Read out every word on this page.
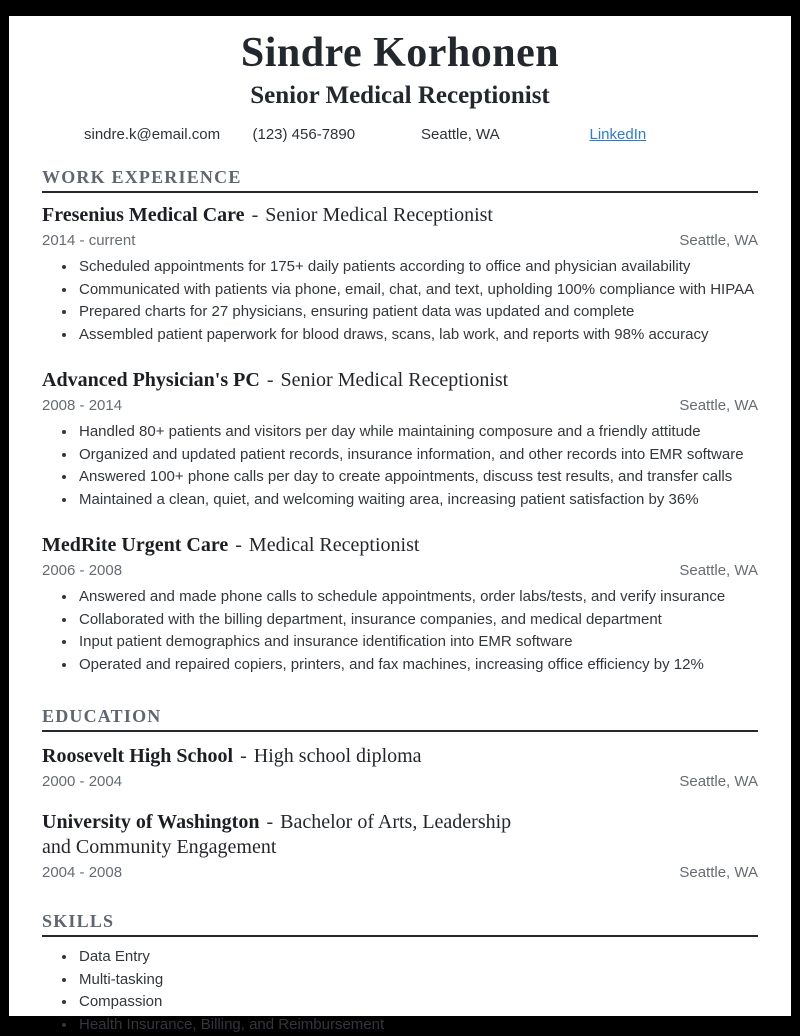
Sindre Korhonen
Senior Medical Receptionist
sindre.k@email.com	(123) 456-7890	Seattle, WA	LinkedIn
WORK EXPERIENCE
Fresenius Medical Care - Senior Medical Receptionist
2014 - current	Seattle, WA
• Scheduled appointments for 175+ daily patients according to office and physician availability
• Communicated with patients via phone, email, chat, and text, upholding 100% compliance with HIPAA
• Prepared charts for 27 physicians, ensuring patient data was updated and complete
• Assembled patient paperwork for blood draws, scans, lab work, and reports with 98% accuracy
Advanced Physician's PC - Senior Medical Receptionist
2008 - 2014	Seattle, WA
• Handled 80+ patients and visitors per day while maintaining composure and a friendly attitude
• Organized and updated patient records, insurance information, and other records into EMR software
• Answered 100+ phone calls per day to create appointments, discuss test results, and transfer calls
• Maintained a clean, quiet, and welcoming waiting area, increasing patient satisfaction by 36%
MedRite Urgent Care - Medical Receptionist
2006 - 2008	Seattle, WA
• Answered and made phone calls to schedule appointments, order labs/tests, and verify insurance
• Collaborated with the billing department, insurance companies, and medical department
• Input patient demographics and insurance identification into EMR software
• Operated and repaired copiers, printers, and fax machines, increasing office efficiency by 12%
EDUCATION
Roosevelt High School - High school diploma
2000 - 2004	Seattle, WA
University of Washington - Bachelor of Arts, Leadership and Community Engagement
2004 - 2008	Seattle, WA
SKILLS
• Data Entry
• Multi-tasking
• Compassion
• Health Insurance, Billing, and Reimbursement
